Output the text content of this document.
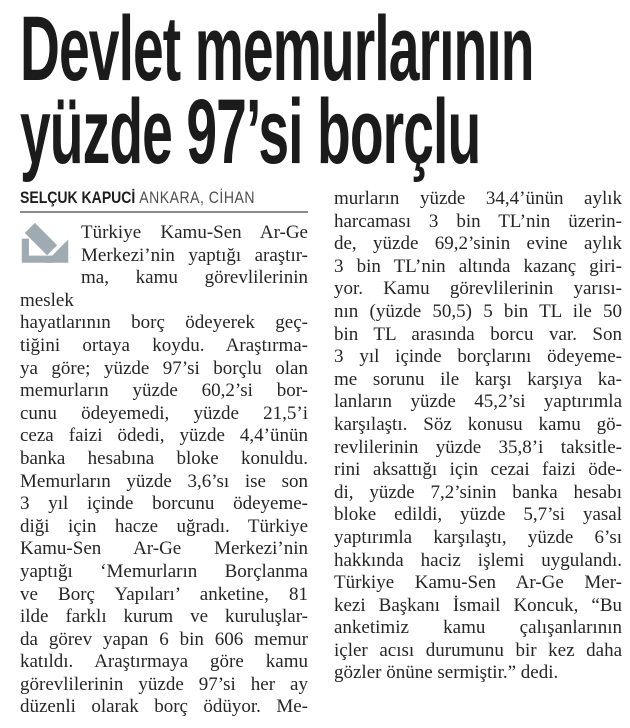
Devlet memurlarının
yüzde 97’si borçlu
SELÇUK KAPUCİ ANKARA, CİHAN
Türkiye Kamu-Sen Ar-Ge
Merkezi’nin yaptığı araştır-
ma, kamu görevlilerinin meslek
hayatlarının borç ödeyerek geç-
tiğini ortaya koydu. Araştırma-
ya göre; yüzde 97’si borçlu olan
memurların yüzde 60,2’si bor-
cunu ödeyemedi, yüzde 21,5’i
ceza faizi ödedi, yüzde 4,4’ünün
banka hesabına bloke konuldu.
Memurların yüzde 3,6’sı ise son
3 yıl içinde borcunu ödeyeme-
diği için hacze uğradı. Türkiye
Kamu-Sen Ar-Ge Merkezi’nin
yaptığı ‘Memurların Borçlanma
ve Borç Yapıları’ anketine, 81
ilde farklı kurum ve kuruluşlar-
da görev yapan 6 bin 606 memur
katıldı. Araştırmaya göre kamu
görevlilerinin yüzde 97’si her ay
düzenli olarak borç ödüyor. Me-
murların yüzde 34,4’ünün aylık
harcaması 3 bin TL’nin üzerin-
de, yüzde 69,2’sinin evine aylık
3 bin TL’nin altında kazanç giri-
yor. Kamu görevlilerinin yarısı-
nın (yüzde 50,5) 5 bin TL ile 50
bin TL arasında borcu var. Son
3 yıl içinde borçlarını ödeyeme-
me sorunu ile karşı karşıya ka-
lanların yüzde 45,2’si yaptırımla
karşılaştı. Söz konusu kamu gö-
revlilerinin yüzde 35,8’i taksitle-
rini aksattığı için cezai faizi öde-
di, yüzde 7,2’sinin banka hesabı
bloke edildi, yüzde 5,7’si yasal
yaptırımla karşılaştı, yüzde 6’sı
hakkında haciz işlemi uygulandı.
Türkiye Kamu-Sen Ar-Ge Mer-
kezi Başkanı İsmail Koncuk, “Bu
anketimiz kamu çalışanlarının
içler acısı durumunu bir kez daha
gözler önüne sermiştir.” dedi.
